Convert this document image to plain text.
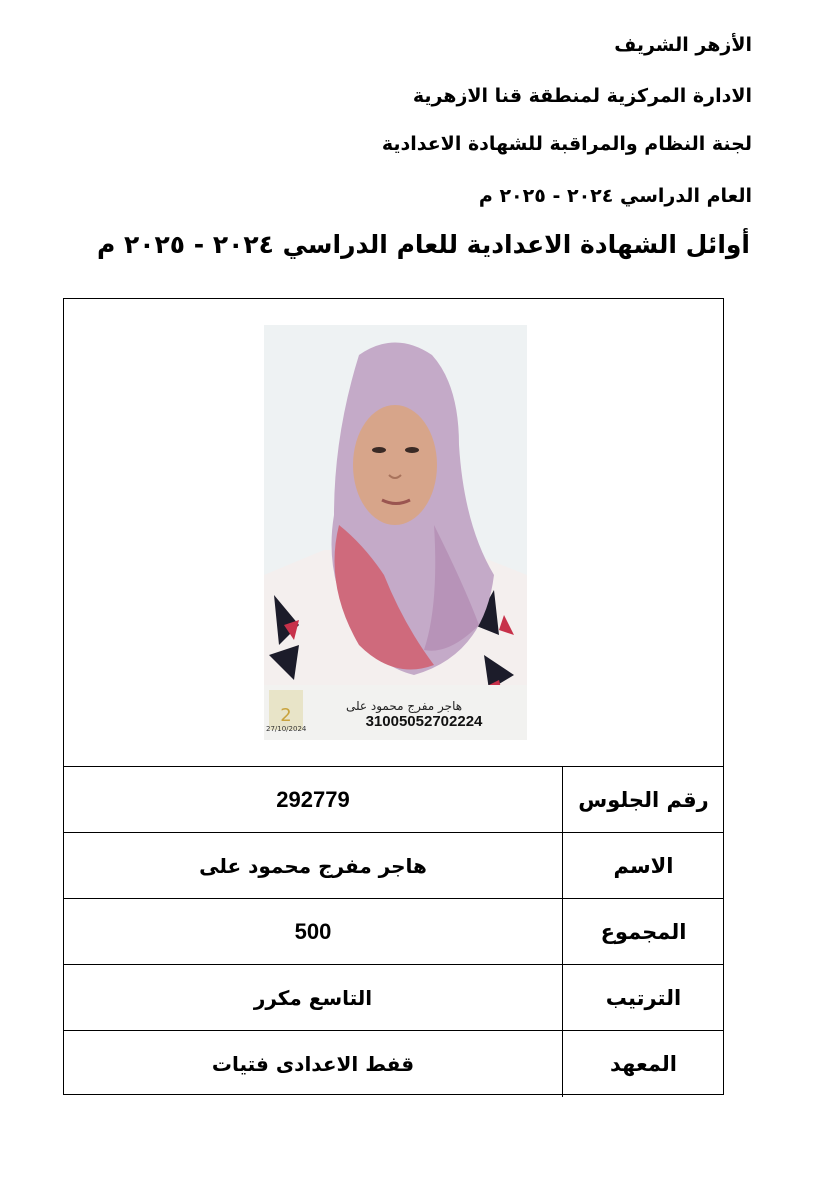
الأزهر الشريف
الادارة المركزية لمنطقة قنا الازهرية
لجنة النظام والمراقبة للشهادة الاعدادية
العام الدراسي ٢٠٢٤ - ٢٠٢٥ م
أوائل الشهادة الاعدادية للعام الدراسي ٢٠٢٤ - ٢٠٢٥ م
2	هاجر مفرج محمود على
31005052702224
27/10/2024
292779	رقم الجلوس
هاجر مفرج محمود على	الاسم
500	المجموع
التاسع مكرر	الترتيب
قفط الاعدادى فتيات	المعهد
